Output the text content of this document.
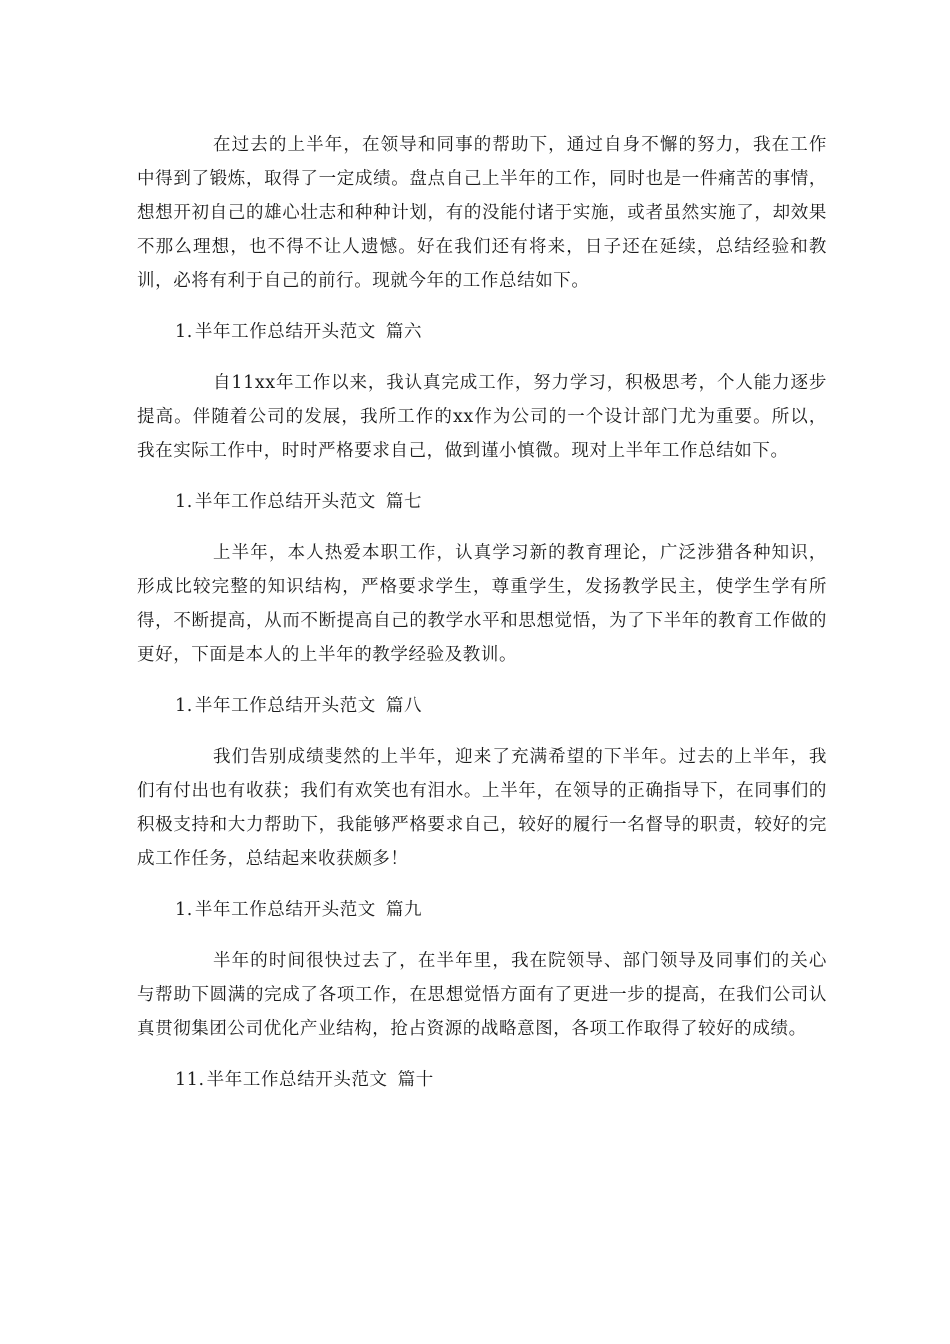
在过去的上半年，在领导和同事的帮助下，通过自身不懈的努力，我在工作中得到了锻炼，取得了一定成绩。盘点自己上半年的工作，同时也是一件痛苦的事情，想想开初自己的雄心壮志和种种计划，有的没能付诸于实施，或者虽然实施了，却效果不那么理想，也不得不让人遗憾。好在我们还有将来，日子还在延续，总结经验和教训，必将有利于自己的前行。现就今年的工作总结如下。

1. 半年工作总结开头范文 篇六

自11xx年工作以来，我认真完成工作，努力学习，积极思考，个人能力逐步提高。伴随着公司的发展，我所工作的xx作为公司的一个设计部门尤为重要。所以，我在实际工作中，时时严格要求自己，做到谨小慎微。现对上半年工作总结如下。

1. 半年工作总结开头范文 篇七

上半年，本人热爱本职工作，认真学习新的教育理论，广泛涉猎各种知识，形成比较完整的知识结构，严格要求学生，尊重学生，发扬教学民主，使学生学有所得，不断提高，从而不断提高自己的教学水平和思想觉悟，为了下半年的教育工作做的更好，下面是本人的上半年的教学经验及教训。

1. 半年工作总结开头范文 篇八

我们告别成绩斐然的上半年，迎来了充满希望的下半年。过去的上半年，我们有付出也有收获；我们有欢笑也有泪水。上半年，在领导的正确指导下，在同事们的积极支持和大力帮助下，我能够严格要求自己，较好的履行一名督导的职责，较好的完成工作任务，总结起来收获颇多！

1. 半年工作总结开头范文 篇九

半年的时间很快过去了，在半年里，我在院领导、部门领导及同事们的关心与帮助下圆满的完成了各项工作，在思想觉悟方面有了更进一步的提高，在我们公司认真贯彻集团公司优化产业结构，抢占资源的战略意图，各项工作取得了较好的成绩。

11. 半年工作总结开头范文 篇十
